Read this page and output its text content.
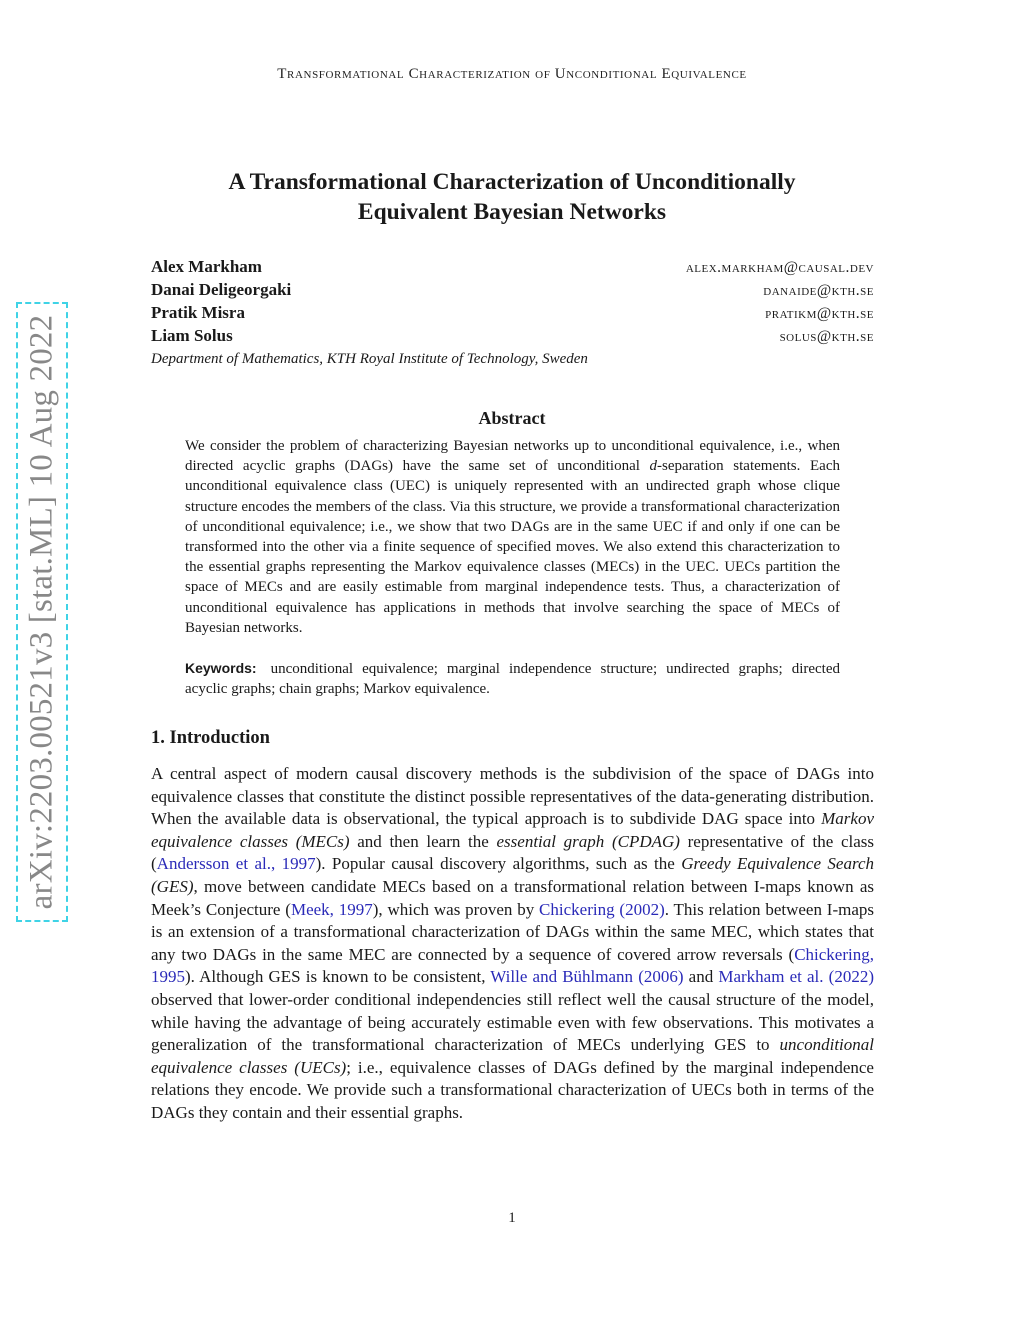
Transformational Characterization of Unconditional Equivalence
arXiv:2203.00521v3 [stat.ML] 10 Aug 2022
A Transformational Characterization of Unconditionally
Equivalent Bayesian Networks
Alex Markham	alex.markham@causal.dev
Danai Deligeorgaki	danaide@kth.se
Pratik Misra	pratikm@kth.se
Liam Solus	solus@kth.se
Department of Mathematics, KTH Royal Institute of Technology, Sweden
Abstract

We consider the problem of characterizing Bayesian networks up to unconditional equivalence, i.e., when directed acyclic graphs (DAGs) have the same set of unconditional d-separation statements. Each unconditional equivalence class (UEC) is uniquely represented with an undirected graph whose clique structure encodes the members of the class. Via this structure, we provide a transformational characterization of unconditional equivalence; i.e., we show that two DAGs are in the same UEC if and only if one can be transformed into the other via a finite sequence of specified moves. We also extend this characterization to the essential graphs representing the Markov equivalence classes (MECs) in the UEC. UECs partition the space of MECs and are easily estimable from marginal independence tests. Thus, a characterization of unconditional equivalence has applications in methods that involve searching the space of MECs of Bayesian networks.

Keywords: unconditional equivalence; marginal independence structure; undirected graphs; directed acyclic graphs; chain graphs; Markov equivalence.

1. Introduction

A central aspect of modern causal discovery methods is the subdivision of the space of DAGs into equivalence classes that constitute the distinct possible representatives of the data-generating distribution. When the available data is observational, the typical approach is to subdivide DAG space into Markov equivalence classes (MECs) and then learn the essential graph (CPDAG) representative of the class (Andersson et al., 1997). Popular causal discovery algorithms, such as the Greedy Equivalence Search (GES), move between candidate MECs based on a transformational relation between I-maps known as Meek’s Conjecture (Meek, 1997), which was proven by Chickering (2002). This relation between I-maps is an extension of a transformational characterization of DAGs within the same MEC, which states that any two DAGs in the same MEC are connected by a sequence of covered arrow reversals (Chickering, 1995). Although GES is known to be consistent, Wille and Bühlmann (2006) and Markham et al. (2022) observed that lower-order conditional independencies still reflect well the causal structure of the model, while having the advantage of being accurately estimable even with few observations. This motivates a generalization of the transformational characterization of MECs underlying GES to unconditional equivalence classes (UECs); i.e., equivalence classes of DAGs defined by the marginal independence relations they encode. We provide such a transformational characterization of UECs both in terms of the DAGs they contain and their essential graphs.

1
